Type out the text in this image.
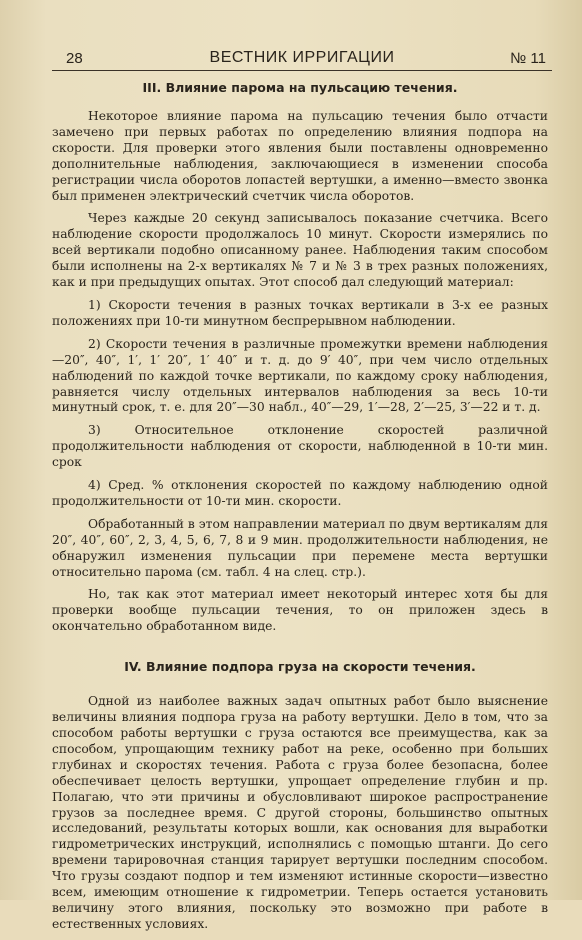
28	ВЕСТНИК ИРРИГАЦИИ	№ 11
III. Влияние парома на пульсацию течения.

Некоторое влияние парома на пульсацию течения было отчасти замечено при первых работах по определению влияния подпора на скорости. Для проверки этого явления были поставлены одновременно дополнительные наблюдения, заключающиеся в изменении способа регистрации числа оборотов лопастей вертушки, а именно—вместо звонка был применен электрический счетчик числа оборотов.

Через каждые 20 секунд записывалось показание счетчика. Всего наблюдение скорости продолжалось 10 минут. Скорости измерялись по всей вертикали подобно описанному ранее. Наблюдения таким способом были исполнены на 2-х вертикалях № 7 и № 3 в трех разных положениях, как и при предыдущих опытах. Этот способ дал следующий материал:

1) Скорости течения в разных точках вертикали в 3-х ее разных положениях при 10-ти минутном беспрерывном наблюдении.

2) Скорости течения в различные промежутки времени наблюдения—20″, 40″, 1′, 1′ 20″, 1′ 40″ и т. д. до 9′ 40″, при чем число отдельных наблюдений по каждой точке вертикали, по каждому сроку наблюдения, равняется числу отдельных интервалов наблюдения за весь 10-ти минутный срок, т. е. для 20″—30 набл., 40″—29, 1′—28, 2′—25, 3′—22 и т. д.

3) Относительное отклонение скоростей различной продолжительности наблюдения от скорости, наблюденной в 10-ти мин. срок

4) Сред. % отклонения скоростей по каждому наблюдению одной продолжительности от 10-ти мин. скорости.

Обработанный в этом направлении материал по двум вертикалям для 20″, 40″, 60″, 2, 3, 4, 5, 6, 7, 8 и 9 мин. продолжительности наблюдения, не обнаружил изменения пульсации при перемене места вертушки относительно парома (см. табл. 4 на слец. стр.).

Но, так как этот материал имеет некоторый интерес хотя бы для проверки вообще пульсации течения, то он приложен здесь в окончательно обработанном виде.

IV. Влияние подпора груза на скорости течения.

Одной из наиболее важных задач опытных работ было выяснение величины влияния подпора груза на работу вертушки. Дело в том, что за способом работы вертушки с груза остаются все преимущества, как за способом, упрощающим технику работ на реке, особенно при больших глубинах и скоростях течения. Работа с груза более безопасна, более обеспечивает целость вертушки, упрощает определение глубин и пр. Полагаю, что эти причины и обусловливают широкое распространение грузов за последнее время. С другой стороны, большинство опытных исследований, результаты которых вошли, как основания для выработки гидрометрических инструкций, исполнялись с помощью штанги. До сего времени тарировочная станция тарирует вертушки последним способом. Что грузы создают подпор и тем изменяют истинные скорости—известно всем, имеющим отношение к гидрометрии. Теперь остается установить величину этого влияния, поскольку это возможно при работе в естественных условиях.
